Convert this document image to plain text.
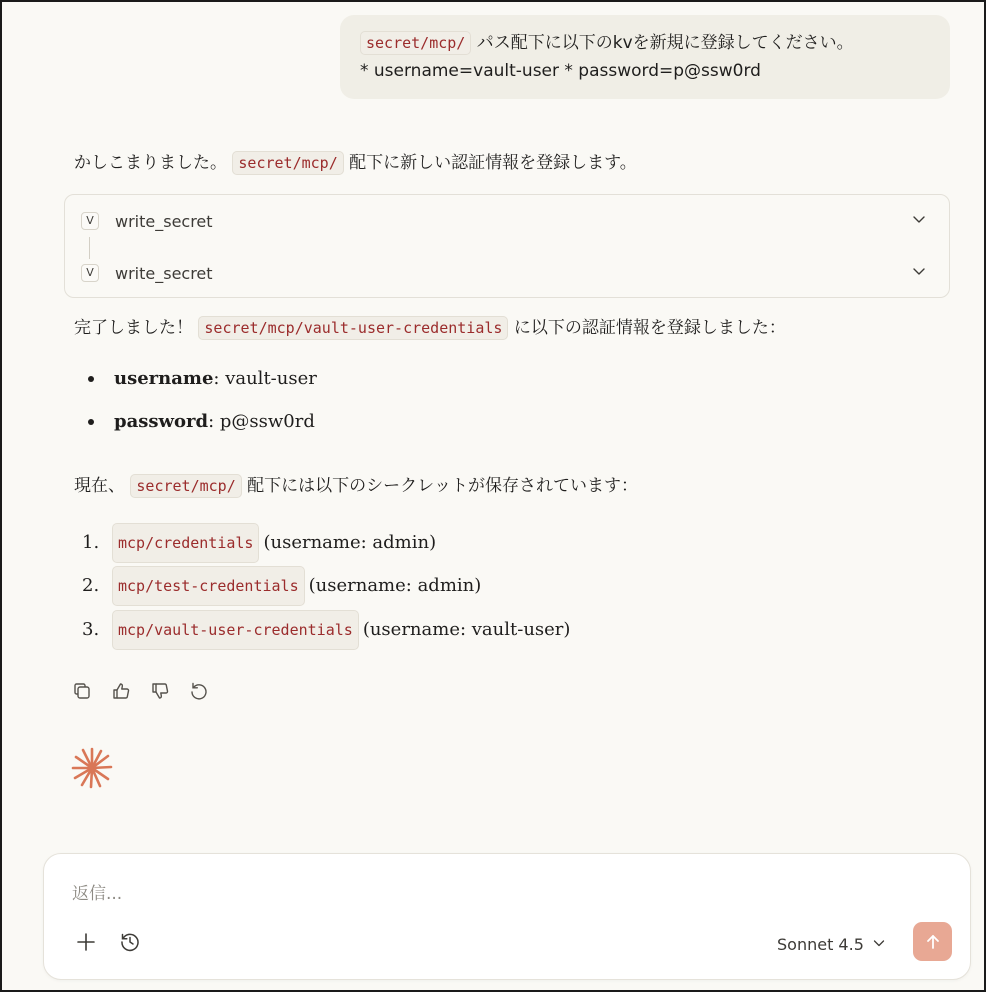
secret/mcp/ パス配下に以下のkvを新規に登録してください。
* username=vault-user * password=p@ssw0rd
かしこまりました。 secret/mcp/ 配下に新しい認証情報を登録します。
V	write_secret
V	write_secret
完了しました！ secret/mcp/vault-user-credentials に以下の認証情報を登録しました：
username: vault-user
password: p@ssw0rd
現在、 secret/mcp/ 配下には以下のシークレットが保存されています：
1.	mcp/credentials (username: admin)
2.	mcp/test-credentials (username: admin)
3.	mcp/vault-user-credentials (username: vault-user)
返信...
Sonnet 4.5
